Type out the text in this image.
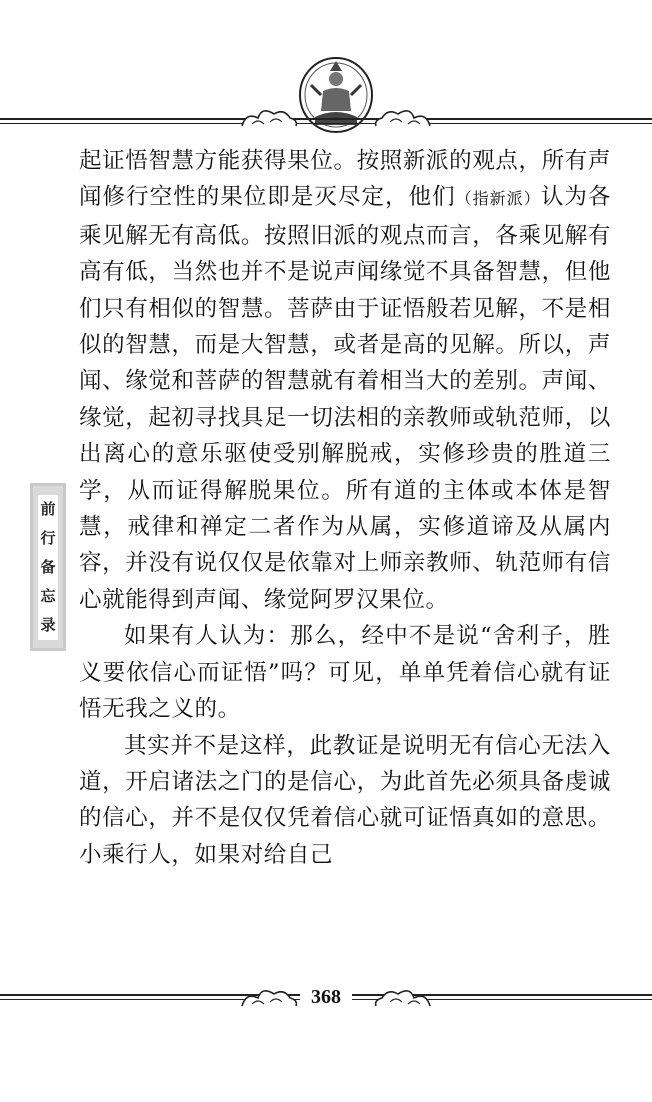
前
行
备
忘
录

起证悟智慧方能获得果位。按照新派的观点，所有声闻修行空性的果位即是灭尽定，他们（指新派）认为各乘见解无有高低。按照旧派的观点而言，各乘见解有高有低，当然也并不是说声闻缘觉不具备智慧，但他们只有相似的智慧。菩萨由于证悟般若见解，不是相似的智慧，而是大智慧，或者是高的见解。所以，声闻、缘觉和菩萨的智慧就有着相当大的差别。声闻、缘觉，起初寻找具足一切法相的亲教师或轨范师，以出离心的意乐驱使受别解脱戒，实修珍贵的胜道三学，从而证得解脱果位。所有道的主体或本体是智慧，戒律和禅定二者作为从属，实修道谛及从属内容，并没有说仅仅是依靠对上师亲教师、轨范师有信心就能得到声闻、缘觉阿罗汉果位。

如果有人认为：那么，经中不是说“舍利子，胜义要依信心而证悟”吗？可见，单单凭着信心就有证悟无我之义的。

其实并不是这样，此教证是说明无有信心无法入道，开启诸法之门的是信心，为此首先必须具备虔诚的信心，并不是仅仅凭着信心就可证悟真如的意思。小乘行人，如果对给自己

368
